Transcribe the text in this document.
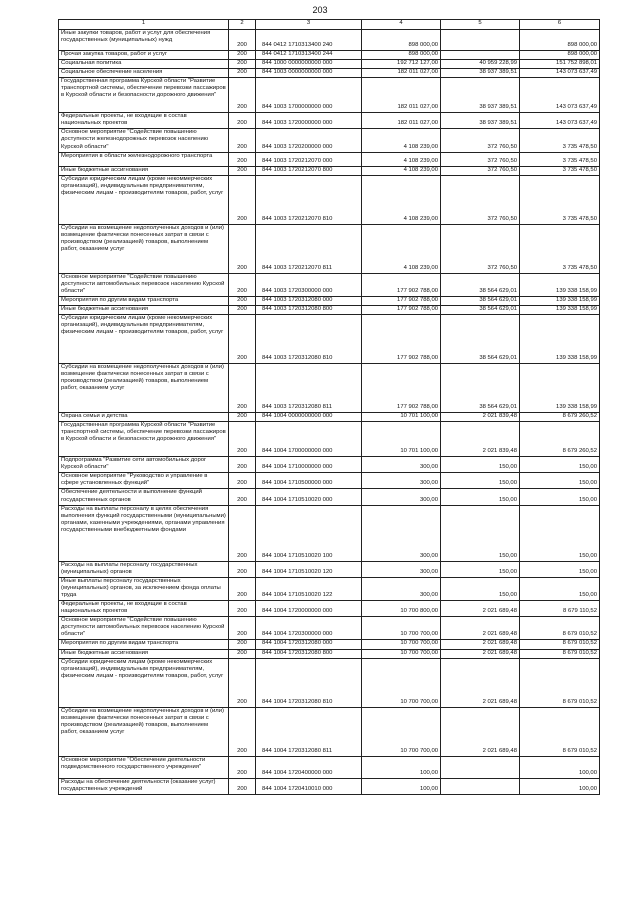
203
1	2	3	4	5	6
Иные закупки товаров, работ и услуг для обеспечения государственных (муниципальных) нужд	200	844 0412 1710313400 240	898 000,00		898 000,00
Прочая закупка товаров, работ и услуг	200	844 0412 1710313400 244	898 000,00		898 000,00
Социальная политика	200	844 1000 0000000000 000	192 712 127,00	40 959 228,99	151 752 898,01
Социальное обеспечение населения	200	844 1003 0000000000 000	182 011 027,00	38 937 389,51	143 073 637,49
Государственная программа Курской области "Развитие транспортной системы, обеспечение перевозки пассажиров в Курской области и безопасности дорожного движения"	200	844 1003 1700000000 000	182 011 027,00	38 937 389,51	143 073 637,49
Федеральные проекты, не входящие в состав национальных проектов	200	844 1003 1720000000 000	182 011 027,00	38 937 389,51	143 073 637,49
Основное мероприятие "Содействие повышению доступности железнодорожных перевозок населению Курской области"	200	844 1003 1720200000 000	4 108 239,00	372 760,50	3 735 478,50
Мероприятия в области железнодорожного транспорта	200	844 1003 1720212070 000	4 108 239,00	372 760,50	3 735 478,50
Иные бюджетные ассигнования	200	844 1003 1720212070 800	4 108 239,00	372 760,50	3 735 478,50
Субсидии юридическим лицам (кроме некоммерческих организаций), индивидуальным предпринимателям, физическим лицам - производителям товаров, работ, услуг	200	844 1003 1720212070 810	4 108 239,00	372 760,50	3 735 478,50
Субсидии на возмещение недополученных доходов и (или) возмещение фактически понесенных затрат в связи с производством (реализацией) товаров, выполнением работ, оказанием услуг	200	844 1003 1720212070 811	4 108 239,00	372 760,50	3 735 478,50
Основное мероприятие "Содействие повышению доступности автомобильных перевозок населению Курской области"	200	844 1003 1720300000 000	177 902 788,00	38 564 629,01	139 338 158,99
Мероприятия по другим видам транспорта	200	844 1003 1720312080 000	177 902 788,00	38 564 629,01	139 338 158,99
Иные бюджетные ассигнования	200	844 1003 1720312080 800	177 902 788,00	38 564 629,01	139 338 158,99
Субсидии юридическим лицам (кроме некоммерческих организаций), индивидуальным предпринимателям, физическим лицам - производителям товаров, работ, услуг	200	844 1003 1720312080 810	177 902 788,00	38 564 629,01	139 338 158,99
Субсидии на возмещение недополученных доходов и (или) возмещение фактически понесенных затрат в связи с производством (реализацией) товаров, выполнением работ, оказанием услуг	200	844 1003 1720312080 811	177 902 788,00	38 564 629,01	139 338 158,99
Охрана семьи и детства	200	844 1004 0000000000 000	10 701 100,00	2 021 839,48	8 679 260,52
Государственная программа Курской области "Развитие транспортной системы, обеспечение перевозки пассажиров в Курской области и безопасности дорожного движения"	200	844 1004 1700000000 000	10 701 100,00	2 021 839,48	8 679 260,52
Подпрограмма "Развитие сети автомобильных дорог Курской области"	200	844 1004 1710000000 000	300,00	150,00	150,00
Основное мероприятие "Руководство и управление в сфере установленных функций"	200	844 1004 1710500000 000	300,00	150,00	150,00
Обеспечение деятельности и выполнение функций государственных органов	200	844 1004 1710510020 000	300,00	150,00	150,00
Расходы на выплаты персоналу в целях обеспечения выполнения функций государственными (муниципальными) органами, казенными учреждениями, органами управления государственными внебюджетными фондами	200	844 1004 1710510020 100	300,00	150,00	150,00
Расходы на выплаты персоналу государственных (муниципальных) органов	200	844 1004 1710510020 120	300,00	150,00	150,00
Иные выплаты персоналу государственных (муниципальных) органов, за исключением фонда оплаты труда	200	844 1004 1710510020 122	300,00	150,00	150,00
Федеральные проекты, не входящие в состав национальных проектов	200	844 1004 1720000000 000	10 700 800,00	2 021 689,48	8 679 110,52
Основное мероприятие "Содействие повышению доступности автомобильных перевозок населению Курской области"	200	844 1004 1720300000 000	10 700 700,00	2 021 689,48	8 679 010,52
Мероприятия по другим видам транспорта	200	844 1004 1720312080 000	10 700 700,00	2 021 689,48	8 679 010,52
Иные бюджетные ассигнования	200	844 1004 1720312080 800	10 700 700,00	2 021 689,48	8 679 010,52
Субсидии юридическим лицам (кроме некоммерческих организаций), индивидуальным предпринимателям, физическим лицам - производителям товаров, работ, услуг	200	844 1004 1720312080 810	10 700 700,00	2 021 689,48	8 679 010,52
Субсидии на возмещение недополученных доходов и (или) возмещение фактически понесенных затрат в связи с производством (реализацией) товаров, выполнением работ, оказанием услуг	200	844 1004 1720312080 811	10 700 700,00	2 021 689,48	8 679 010,52
Основное мероприятие "Обеспечение деятельности подведомственного государственного учреждения"	200	844 1004 1720400000 000	100,00		100,00
Расходы на обеспечение деятельности (оказание услуг) государственных учреждений	200	844 1004 1720410010 000	100,00		100,00
